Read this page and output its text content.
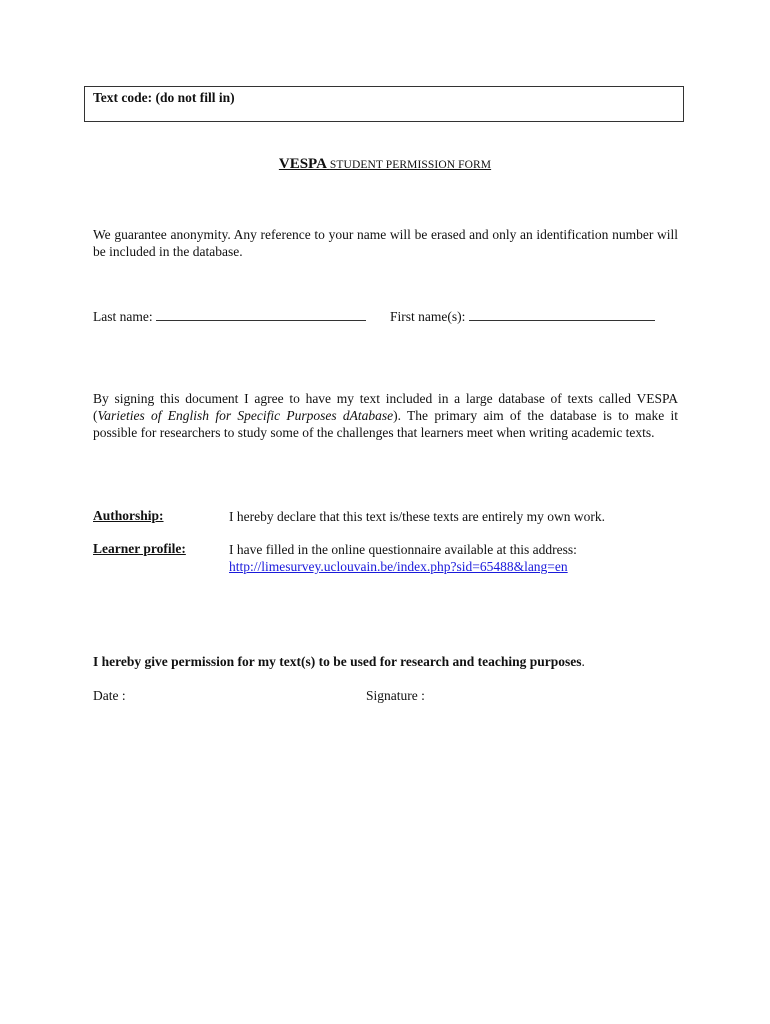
Text code: (do not fill in)
VESPA STUDENT PERMISSION FORM
We guarantee anonymity. Any reference to your name will be erased and only an identification number will be included in the database.
Last name:	First name(s):
By signing this document I agree to have my text included in a large database of texts called VESPA (Varieties of English for Specific Purposes dAtabase). The primary aim of the database is to make it possible for researchers to study some of the challenges that learners meet when writing academic texts.
Authorship:	I hereby declare that this text is/these texts are entirely my own work.
Learner profile:	I have filled in the online questionnaire available at this address:
http://limesurvey.uclouvain.be/index.php?sid=65488&lang=en
I hereby give permission for my text(s) to be used for research and teaching purposes.
Date :	Signature :
